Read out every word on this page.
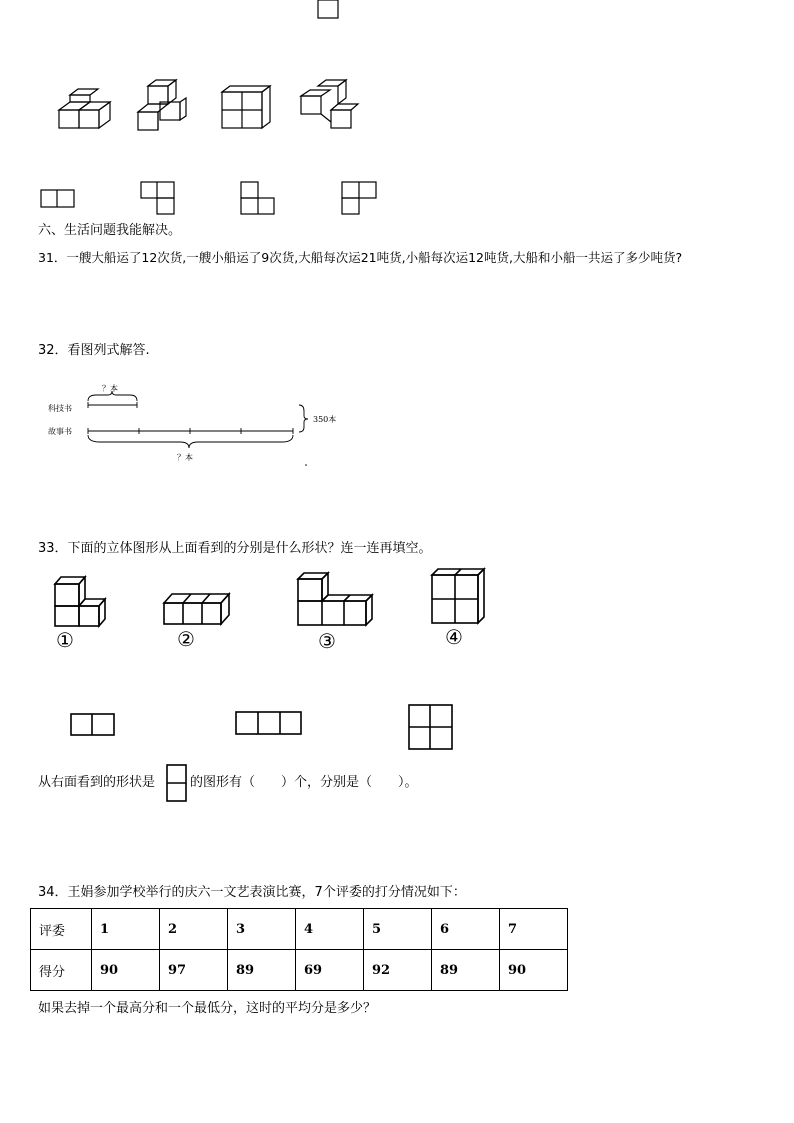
六、生活问题我能解决。
31．一艘大船运了12次货,一艘小船运了9次货,大船每次运21吨货,小船每次运12吨货,大船和小船一共运了多少吨货?
32．看图列式解答.
？本
科技书
故事书
350本
？本
33．下面的立体图形从上面看到的分别是什么形状？连一连再填空。
①	②	③	④
从右面看到的形状是	的图形有（　　）个，分别是（　　）。
34．王娟参加学校举行的庆六一文艺表演比赛，7个评委的打分情况如下：
评委	1	2	3	4	5	6	7
得分	90	97	89	69	92	89	90
如果去掉一个最高分和一个最低分，这时的平均分是多少？
